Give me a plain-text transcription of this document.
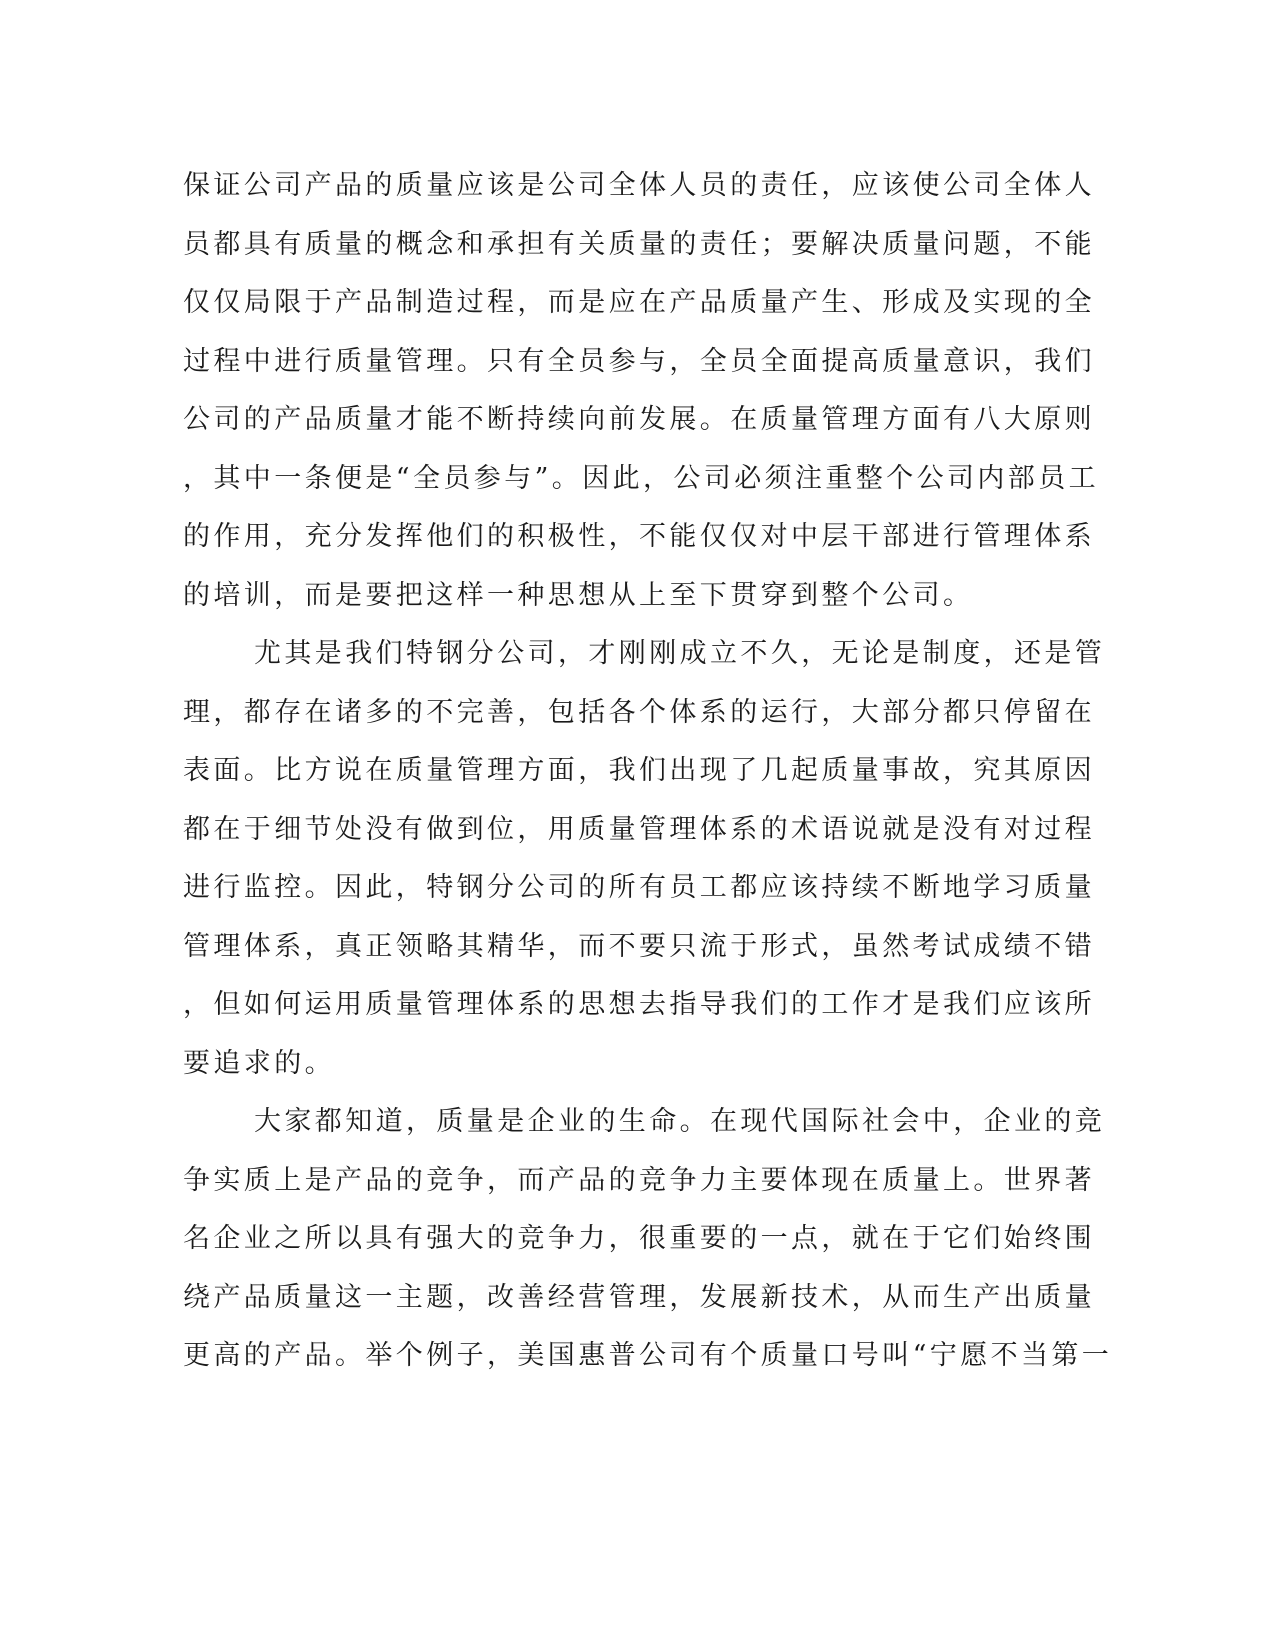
保证公司产品的质量应该是公司全体人员的责任，应该使公司全体人
员都具有质量的概念和承担有关质量的责任；要解决质量问题，不能
仅仅局限于产品制造过程，而是应在产品质量产生、形成及实现的全
过程中进行质量管理。只有全员参与，全员全面提高质量意识，我们
公司的产品质量才能不断持续向前发展。在质量管理方面有八大原则
，其中一条便是“全员参与”。因此，公司必须注重整个公司内部员工
的作用，充分发挥他们的积极性，不能仅仅对中层干部进行管理体系
的培训，而是要把这样一种思想从上至下贯穿到整个公司。
尤其是我们特钢分公司，才刚刚成立不久，无论是制度，还是管
理，都存在诸多的不完善，包括各个体系的运行，大部分都只停留在
表面。比方说在质量管理方面，我们出现了几起质量事故，究其原因
都在于细节处没有做到位，用质量管理体系的术语说就是没有对过程
进行监控。因此，特钢分公司的所有员工都应该持续不断地学习质量
管理体系，真正领略其精华，而不要只流于形式，虽然考试成绩不错
，但如何运用质量管理体系的思想去指导我们的工作才是我们应该所
要追求的。
大家都知道，质量是企业的生命。在现代国际社会中，企业的竞
争实质上是产品的竞争，而产品的竞争力主要体现在质量上。世界著
名企业之所以具有强大的竞争力，很重要的一点，就在于它们始终围
绕产品质量这一主题，改善经营管理，发展新技术，从而生产出质量
更高的产品。举个例子，美国惠普公司有个质量口号叫“宁愿不当第一
